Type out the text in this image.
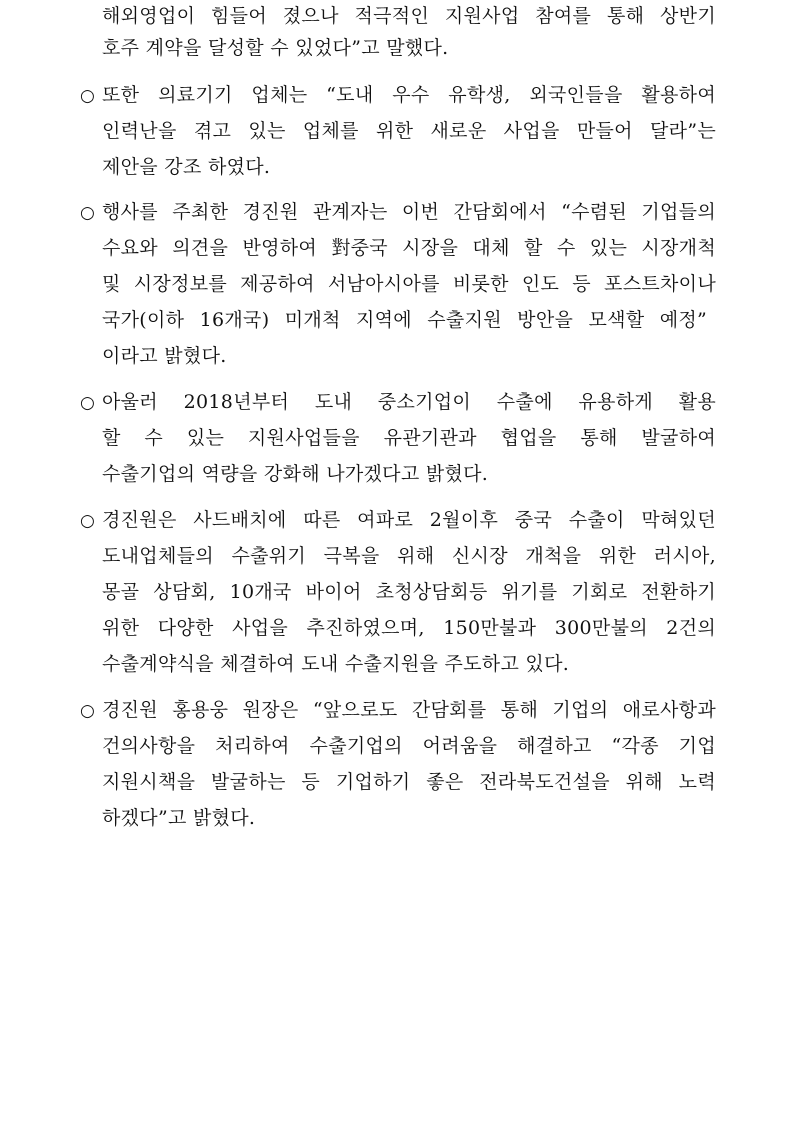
해외영업이 힘들어 졌으나 적극적인 지원사업 참여를 통해 상반기
호주 계약을 달성할 수 있었다”고 말했다.
○ 또한 의료기기 업체는 “도내 우수 유학생, 외국인들을 활용하여
인력난을 겪고 있는 업체를 위한 새로운 사업을 만들어 달라”는
제안을 강조 하였다.
○ 행사를 주최한 경진원 관계자는 이번 간담회에서 “수렴된 기업들의
수요와 의견을 반영하여 對중국 시장을 대체 할 수 있는 시장개척
및 시장정보를 제공하여 서남아시아를 비롯한 인도 등 포스트차이나
국가(이하 16개국) 미개척 지역에 수출지원 방안을 모색할 예정”
이라고 밝혔다.
○ 아울러 2018년부터 도내 중소기업이 수출에 유용하게 활용
할 수 있는 지원사업들을 유관기관과 협업을 통해 발굴하여
수출기업의 역량을 강화해 나가겠다고 밝혔다.
○ 경진원은 사드배치에 따른 여파로 2월이후 중국 수출이 막혀있던
도내업체들의 수출위기 극복을 위해 신시장 개척을 위한 러시아,
몽골 상담회, 10개국 바이어 초청상담회등 위기를 기회로 전환하기
위한 다양한 사업을 추진하였으며, 150만불과 300만불의 2건의
수출계약식을 체결하여 도내 수출지원을 주도하고 있다.
○ 경진원 홍용웅 원장은 “앞으로도 간담회를 통해 기업의 애로사항과
건의사항을 처리하여 수출기업의 어려움을 해결하고 “각종 기업
지원시책을 발굴하는 등 기업하기 좋은 전라북도건설을 위해 노력
하겠다”고 밝혔다.
